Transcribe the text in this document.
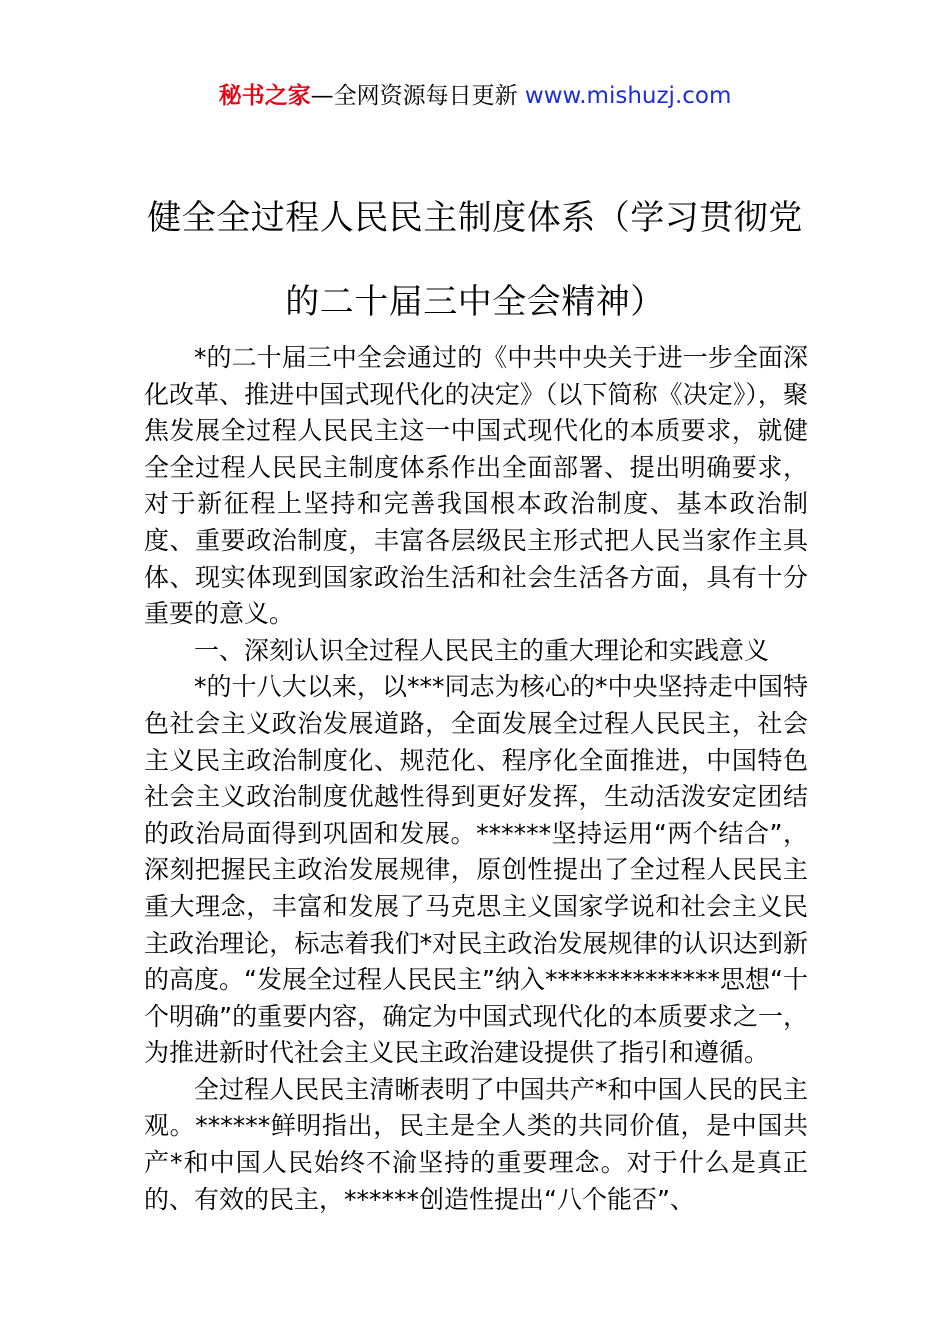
秘书之家—全网资源每日更新 www.mishuzj.com
健全全过程人民民主制度体系（学习贯彻党的二十届三中全会精神）

*的二十届三中全会通过的《中共中央关于进一步全面深化改革、推进中国式现代化的决定》（以下简称《决定》），聚焦发展全过程人民民主这一中国式现代化的本质要求，就健全全过程人民民主制度体系作出全面部署、提出明确要求，对于新征程上坚持和完善我国根本政治制度、基本政治制度、重要政治制度，丰富各层级民主形式把人民当家作主具体、现实体现到国家政治生活和社会生活各方面，具有十分重要的意义。

一、深刻认识全过程人民民主的重大理论和实践意义

*的十八大以来，以***同志为核心的*中央坚持走中国特色社会主义政治发展道路，全面发展全过程人民民主，社会主义民主政治制度化、规范化、程序化全面推进，中国特色社会主义政治制度优越性得到更好发挥，生动活泼安定团结的政治局面得到巩固和发展。******坚持运用“两个结合”，深刻把握民主政治发展规律，原创性提出了全过程人民民主重大理念，丰富和发展了马克思主义国家学说和社会主义民主政治理论，标志着我们*对民主政治发展规律的认识达到新的高度。“发展全过程人民民主”纳入**************思想“十个明确”的重要内容，确定为中国式现代化的本质要求之一，为推进新时代社会主义民主政治建设提供了指引和遵循。

全过程人民民主清晰表明了中国共产*和中国人民的民主观。******鲜明指出，民主是全人类的共同价值，是中国共产*和中国人民始终不渝坚持的重要理念。对于什么是真正的、有效的民主，******创造性提出“八个能否”、
